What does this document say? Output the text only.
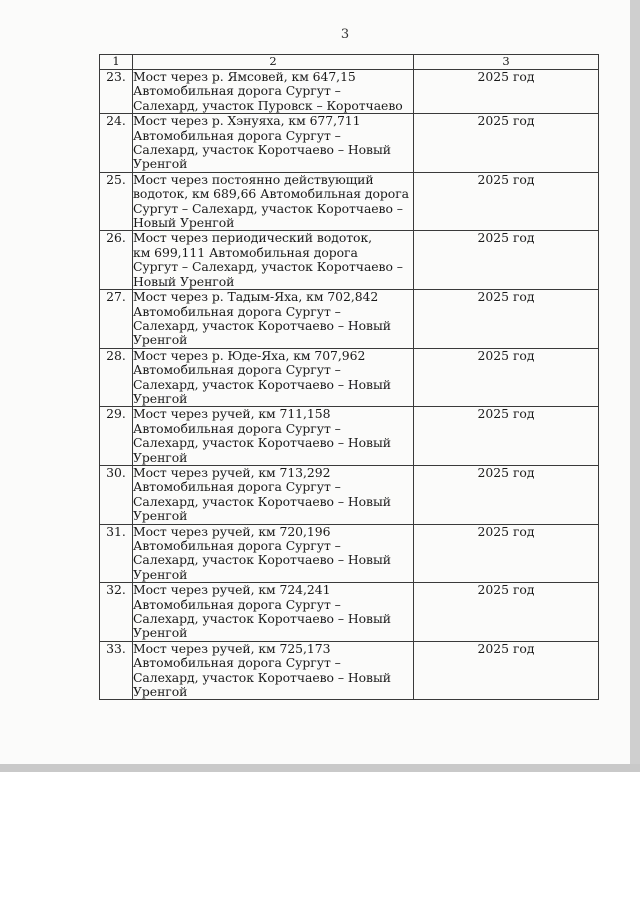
3
1	2	3
23.	Мост через р. Ямсовей, км 647,15
Автомобильная дорога Сургут –
Салехард, участок Пуровск – Коротчаево	2025 год
24.	Мост через р. Хэнуяха, км 677,711
Автомобильная дорога Сургут –
Салехард, участок Коротчаево – Новый
Уренгой	2025 год
25.	Мост через постоянно действующий
водоток, км 689,66 Автомобильная дорога
Сургут – Салехард, участок Коротчаево –
Новый Уренгой	2025 год
26.	Мост через периодический водоток,
км 699,111 Автомобильная дорога
Сургут – Салехард, участок Коротчаево –
Новый Уренгой	2025 год
27.	Мост через р. Тадым-Яха, км 702,842
Автомобильная дорога Сургут –
Салехард, участок Коротчаево – Новый
Уренгой	2025 год
28.	Мост через р. Юде-Яха, км 707,962
Автомобильная дорога Сургут –
Салехард, участок Коротчаево – Новый
Уренгой	2025 год
29.	Мост через ручей, км 711,158
Автомобильная дорога Сургут –
Салехард, участок Коротчаево – Новый
Уренгой	2025 год
30.	Мост через ручей, км 713,292
Автомобильная дорога Сургут –
Салехард, участок Коротчаево – Новый
Уренгой	2025 год
31.	Мост через ручей, км 720,196
Автомобильная дорога Сургут –
Салехард, участок Коротчаево – Новый
Уренгой	2025 год
32.	Мост через ручей, км 724,241
Автомобильная дорога Сургут –
Салехард, участок Коротчаево – Новый
Уренгой	2025 год
33.	Мост через ручей, км 725,173
Автомобильная дорога Сургут –
Салехард, участок Коротчаево – Новый
Уренгой	2025 год
